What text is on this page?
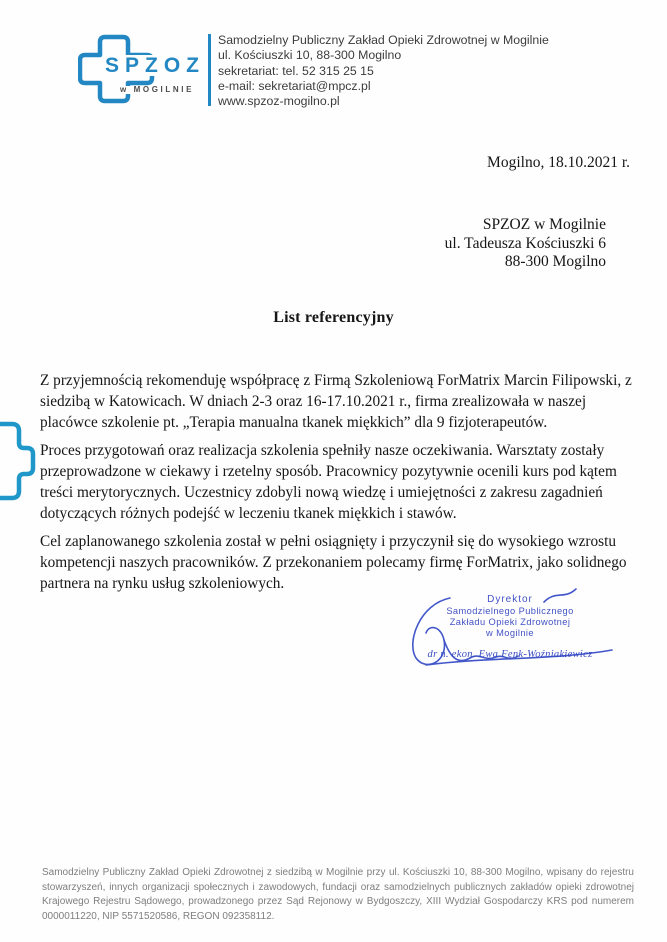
SPZOZ
w MOGILNIE
Samodzielny Publiczny Zakład Opieki Zdrowotnej w Mogilnie
ul. Kościuszki 10, 88-300 Mogilno
sekretariat: tel. 52 315 25 15
e-mail: sekretariat@mpcz.pl
www.spzoz-mogilno.pl
Mogilno, 18.10.2021 r.
SPZOZ w Mogilnie
ul. Tadeusza Kościuszki 6
88-300 Mogilno
List referencyjny

Z przyjemnością rekomenduję współpracę z Firmą Szkoleniową ForMatrix Marcin Filipowski, z siedzibą w Katowicach. W dniach 2-3 oraz 16-17.10.2021 r., firma zrealizowała w naszej placówce szkolenie pt. „Terapia manualna tkanek miękkich” dla 9 fizjoterapeutów.

Proces przygotowań oraz realizacja szkolenia spełniły nasze oczekiwania. Warsztaty zostały przeprowadzone w ciekawy i rzetelny sposób. Pracownicy pozytywnie ocenili kurs pod kątem treści merytorycznych. Uczestnicy zdobyli nową wiedzę i umiejętności z zakresu zagadnień dotyczących różnych podejść w leczeniu tkanek miękkich i stawów.

Cel zaplanowanego szkolenia został w pełni osiągnięty i przyczynił się do wysokiego wzrostu kompetencji naszych pracowników. Z przekonaniem polecamy firmę ForMatrix, jako solidnego partnera na rynku usług szkoleniowych.

Dyrektor
Samodzielnego Publicznego
Zakładu Opieki Zdrowotnej
w Mogilnie
dr n. ekon. Ewa Fęnk-Woźniakiewicz
Samodzielny Publiczny Zakład Opieki Zdrowotnej z siedzibą w Mogilnie przy ul. Kościuszki 10, 88-300 Mogilno, wpisany do rejestru stowarzyszeń, innych organizacji społecznych i zawodowych, fundacji oraz samodzielnych publicznych zakładów opieki zdrowotnej Krajowego Rejestru Sądowego, prowadzonego przez Sąd Rejonowy w Bydgoszczy, XIII Wydział Gospodarczy KRS pod numerem 0000011220, NIP 5571520586, REGON 092358112.
